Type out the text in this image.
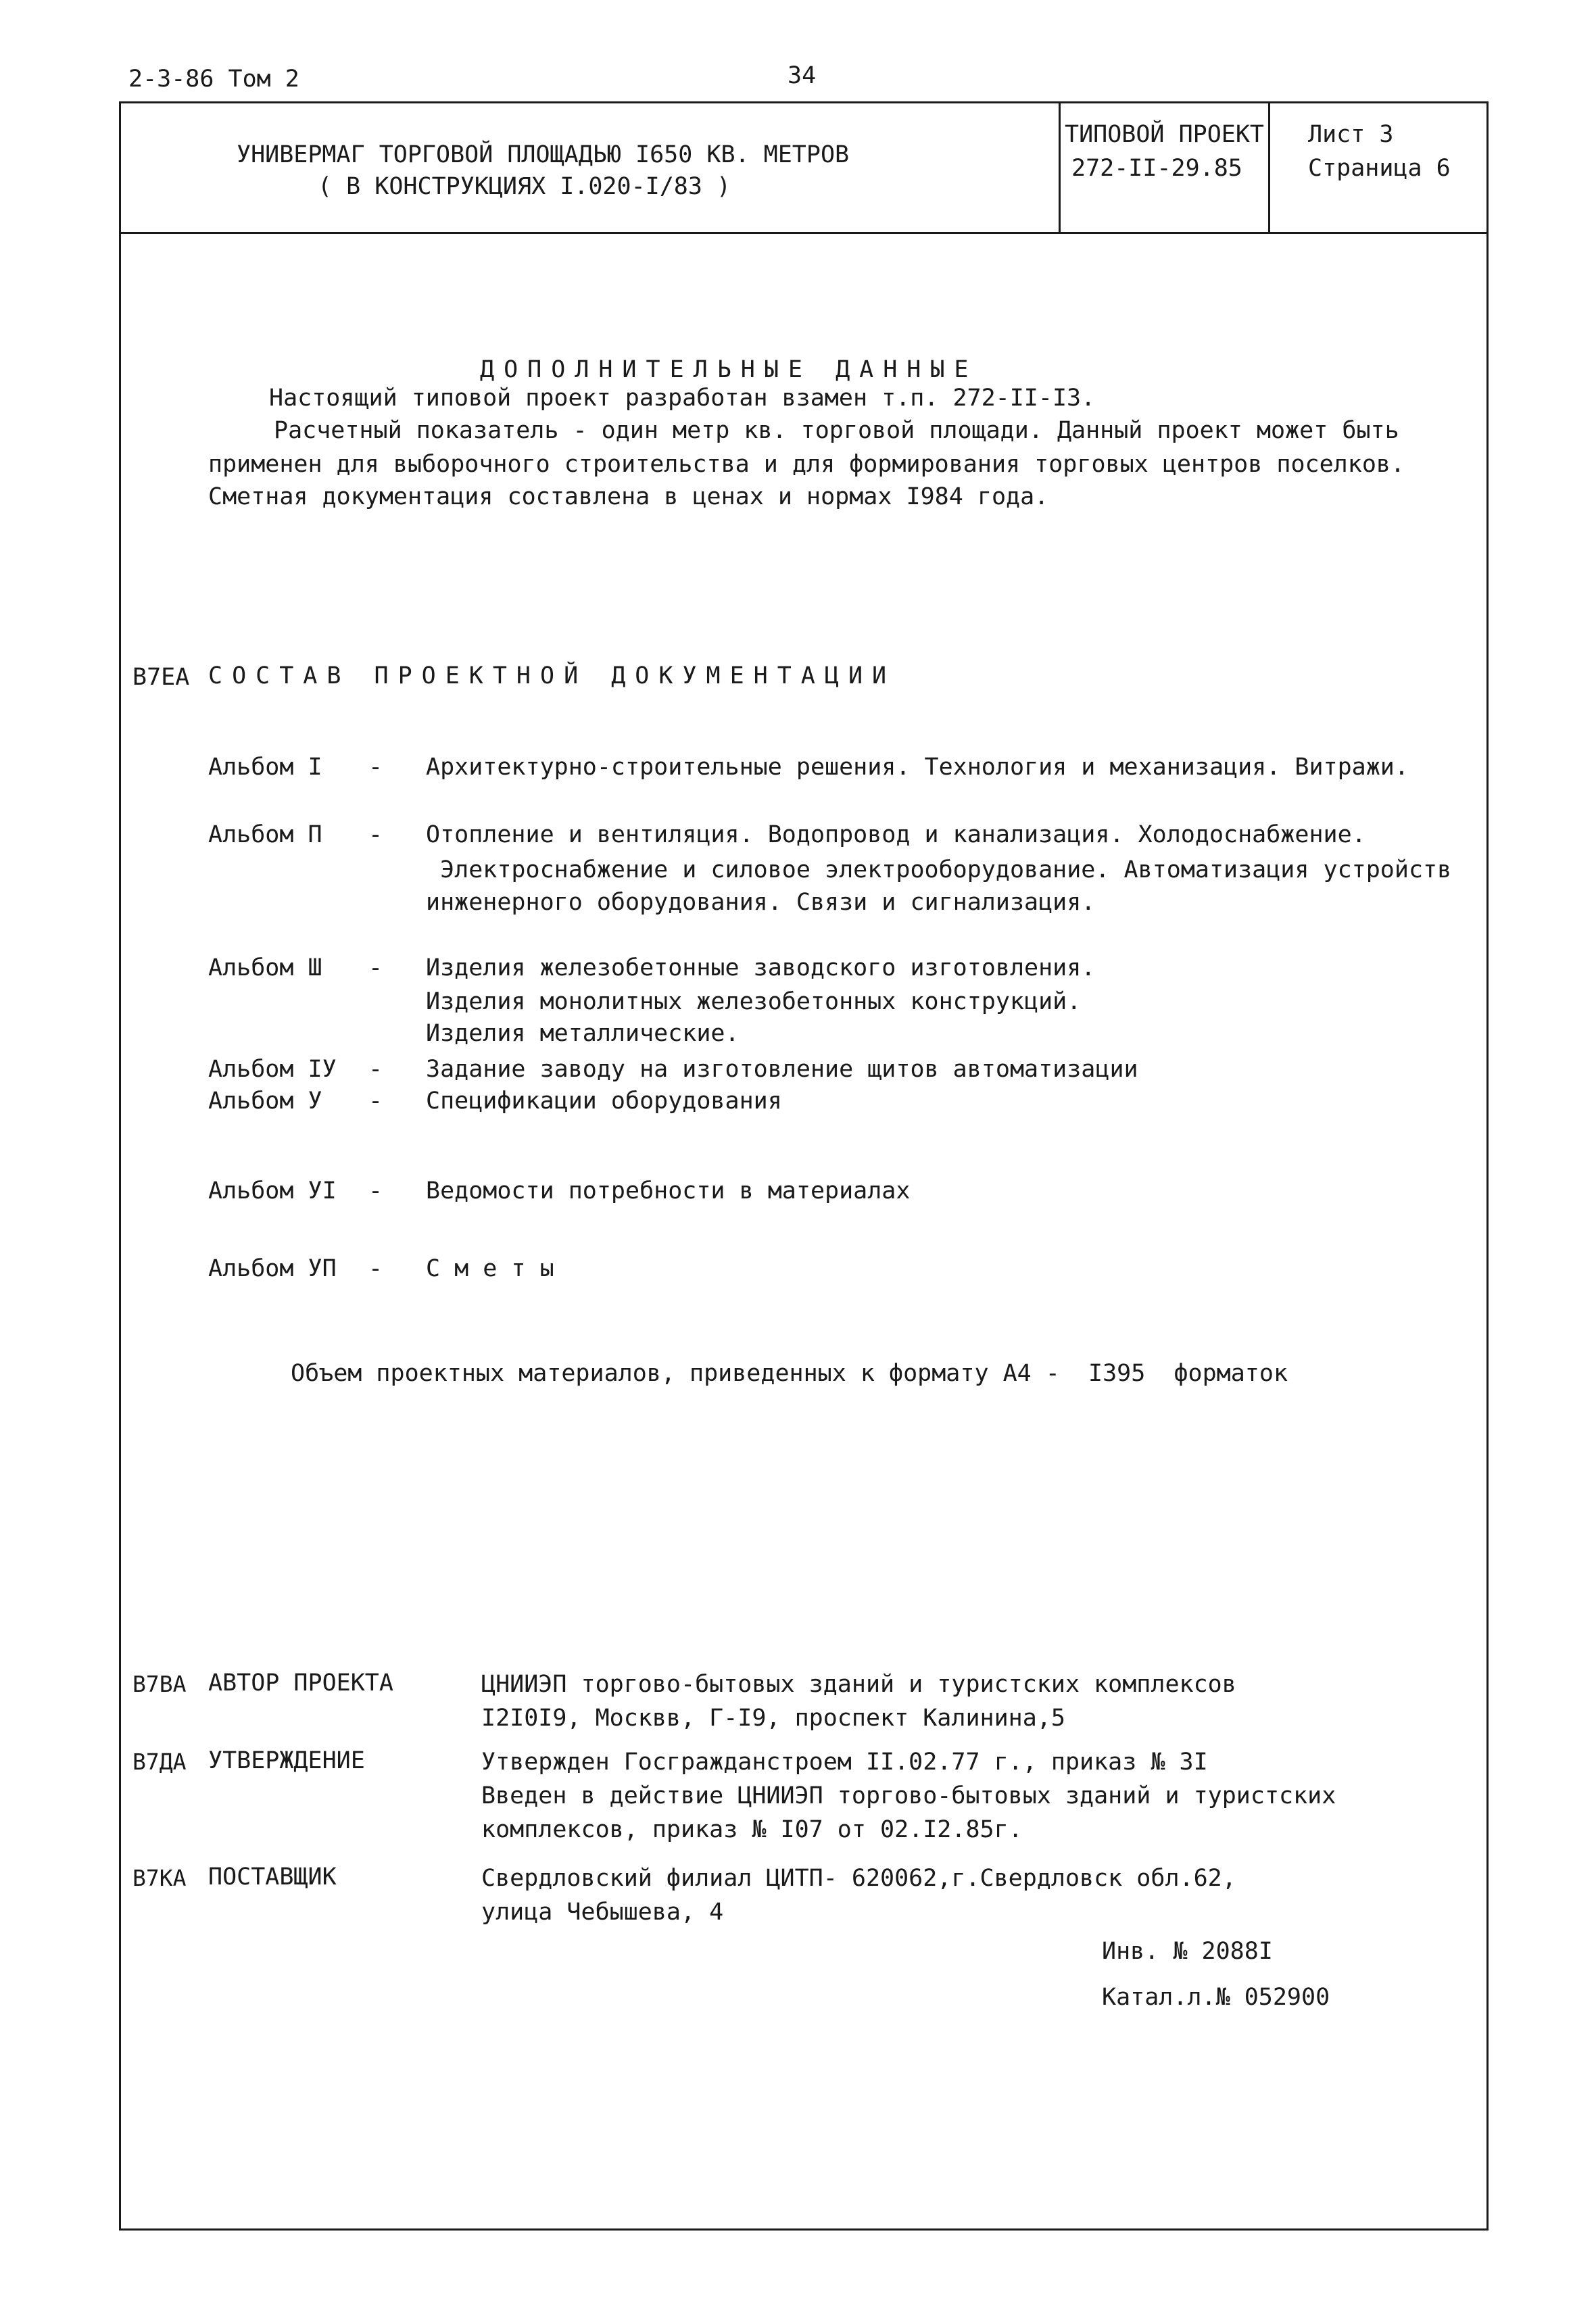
2-3-86 Том 2	34
УНИВЕРМАГ ТОРГОВОЙ ПЛОЩАДЬЮ I650 КВ. МЕТРОВ
( В КОНСТРУКЦИЯХ I.020-I/83 )
ТИПОВОЙ ПРОЕКТ
272-II-29.85
Лист 3
Страница 6
ДОПОЛНИТЕЛЬНЫЕ ДАННЫЕ
Настоящий типовой проект разработан взамен т.п. 272-II-I3.
Расчетный показатель - один метр кв. торговой площади. Данный проект может быть
применен для выборочного строительства и для формирования торговых центров поселков.
Сметная документация составлена в ценах и нормах I984 года.
В7ЕА СОСТАВ ПРОЕКТНОЙ ДОКУМЕНТАЦИИ
Альбом I - Архитектурно-строительные решения. Технология и механизация. Витражи.
Альбом П - Отопление и вентиляция. Водопровод и канализация. Холодоснабжение.
Электроснабжение и силовое электрооборудование. Автоматизация устройств
инженерного оборудования. Связи и сигнализация.
Альбом Ш - Изделия железобетонные заводского изготовления.
Изделия монолитных железобетонных конструкций.
Изделия металлические.
Альбом IУ - Задание заводу на изготовление щитов автоматизации
Альбом У - Спецификации оборудования
Альбом УI - Ведомости потребности в материалах
Альбом УП - С м е т ы
Объем проектных материалов, приведенных к формату А4 -  I395  форматок
В7ВА АВТОР ПРОЕКТА	ЦНИИЭП торгово-бытовых зданий и туристских комплексов
I2I0I9, Москвв, Г-I9, проспект Калинина,5
В7ДА УТВЕРЖДЕНИЕ	Утвержден Госгражданстроем II.02.77 г., приказ № 3I
Введен в действие ЦНИИЭП торгово-бытовых зданий и туристских
комплексов, приказ № I07 от 02.I2.85г.
В7КА ПОСТАВЩИК	Свердловский филиал ЦИТП- 620062,г.Свердловск обл.62,
улица Чебышева, 4
Инв. № 2088I
Катал.л.№ 052900
